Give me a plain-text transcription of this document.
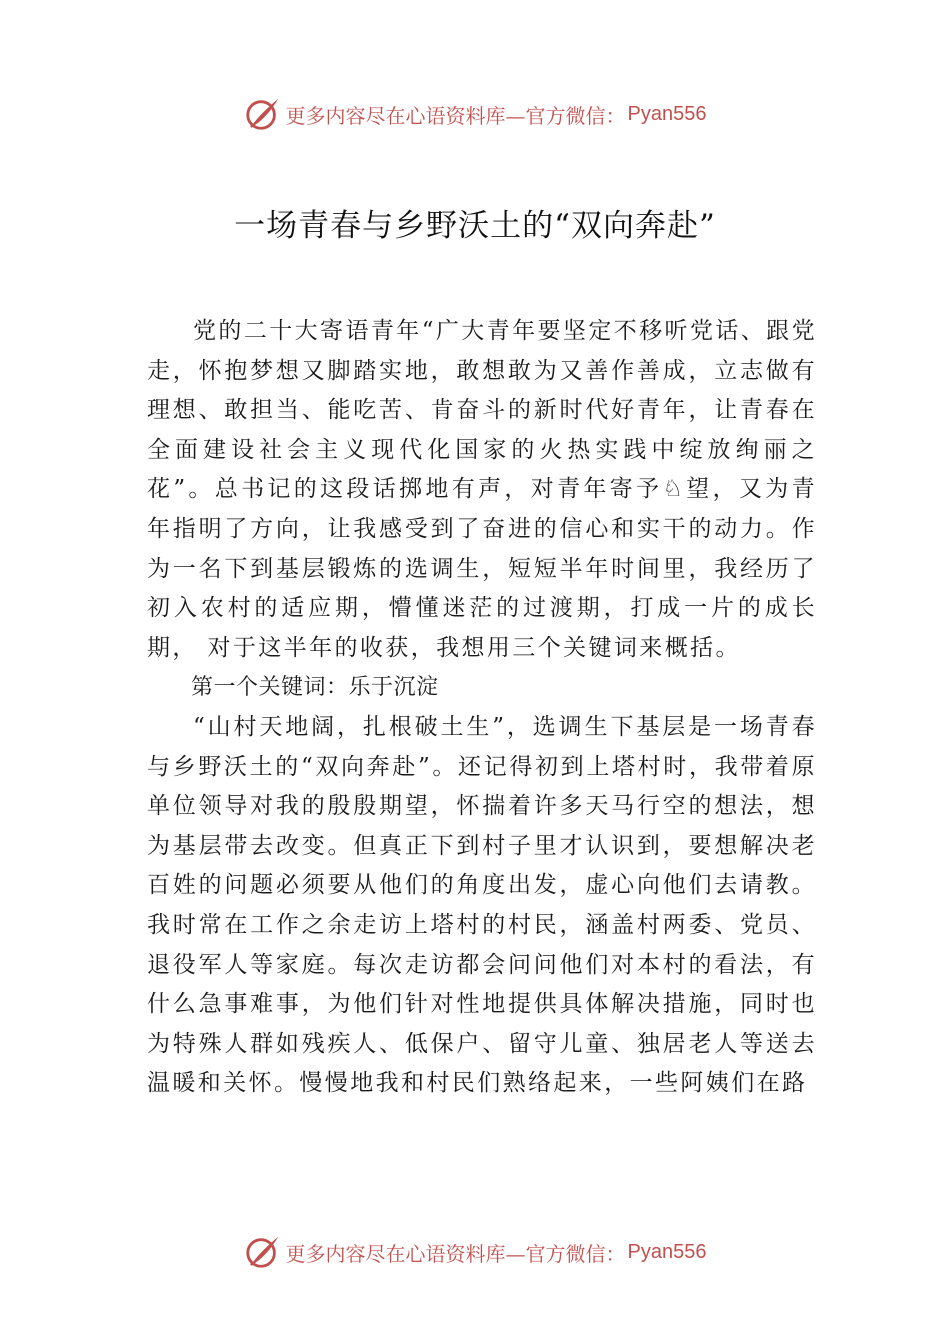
更多内容尽在心语资料库—官方微信： Pyan556
一场青春与乡野沃土的“双向奔赴”

党的二十大寄语青年“广大青年要坚定不移听党话、跟党走，怀抱梦想又脚踏实地，敢想敢为又善作善成，立志做有理想、敢担当、能吃苦、肯奋斗的新时代好青年，让青春在全面建设社会主义现代化国家的火热实践中绽放绚丽之花”。总书记的这段话掷地有声，对青年寄予♘望，又为青年指明了方向，让我感受到了奋进的信心和实干的动力。作为一名下到基层锻炼的选调生，短短半年时间里，我经历了初入农村的适应期，懵懂迷茫的过渡期，打成一片的成长期， 对于这半年的收获，我想用三个关键词来概括。

第一个关键词：乐于沉淀

“山村天地阔，扎根破土生”，选调生下基层是一场青春与乡野沃土的“双向奔赴”。还记得初到上塔村时，我带着原单位领导对我的殷殷期望，怀揣着许多天马行空的想法，想为基层带去改变。但真正下到村子里才认识到，要想解决老百姓的问题必须要从他们的角度出发，虚心向他们去请教。 我时常在工作之余走访上塔村的村民，涵盖村两委、党员、 退役军人等家庭。每次走访都会问问他们对本村的看法，有什么急事难事，为他们针对性地提供具体解决措施，同时也为特殊人群如残疾人、低保户、留守儿童、独居老人等送去温暖和关怀。慢慢地我和村民们熟络起来，一些阿姨们在路

更多内容尽在心语资料库—官方微信： Pyan556
